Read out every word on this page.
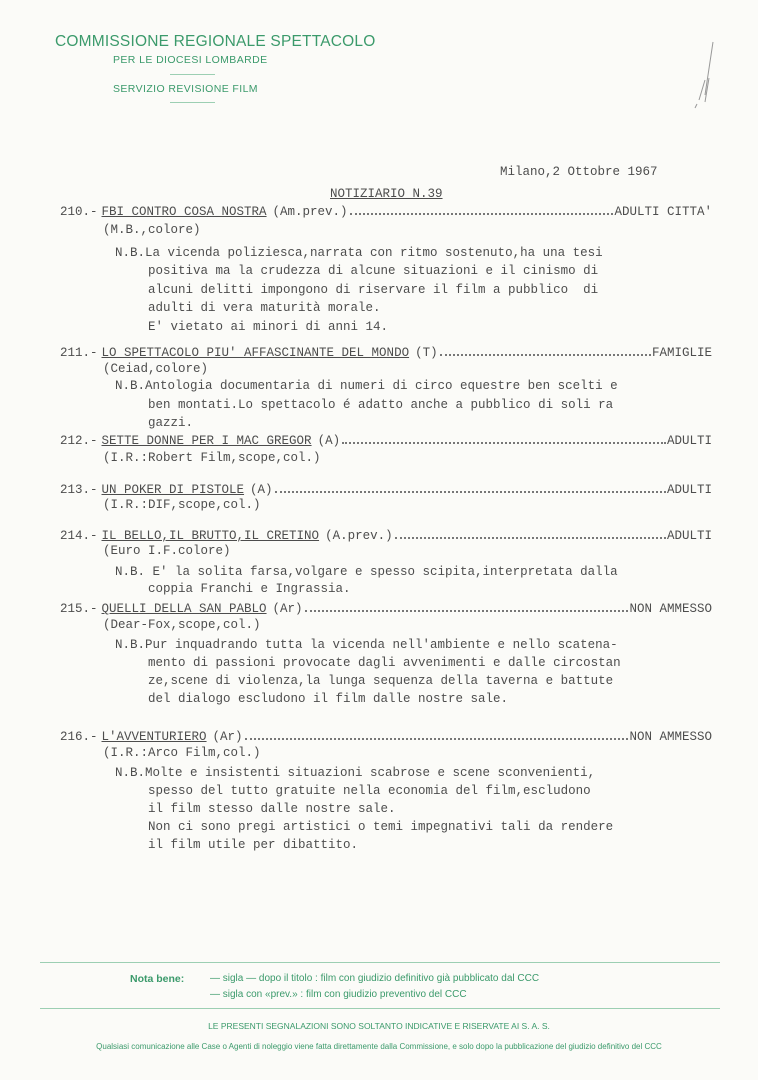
COMMISSIONE REGIONALE SPETTACOLO
PER LE DIOCESI LOMBARDE
SERVIZIO REVISIONE FILM
Milano,2 Ottobre 1967
NOTIZIARIO N.39
210.- FBI CONTRO COSA NOSTRA (Am.prev.)	ADULTI CITTA'
(M.B.,colore)
N.B.La vicenda poliziesca,narrata con ritmo sostenuto,ha una tesi
positiva ma la crudezza di alcune situazioni e il cinismo di
alcuni delitti impongono di riservare il film a pubblico  di
adulti di vera maturità morale.
E' vietato ai minori di anni 14.
211.- LO SPETTACOLO PIU' AFFASCINANTE DEL MONDO (T)	FAMIGLIE
(Ceiad,colore)
N.B.Antologia documentaria di numeri di circo equestre ben scelti e
ben montati.Lo spettacolo é adatto anche a pubblico di soli ra
gazzi.
212.- SETTE DONNE PER I MAC GREGOR (A)	ADULTI
(I.R.:Robert Film,scope,col.)
213.- UN POKER DI PISTOLE (A)	ADULTI
(I.R.:DIF,scope,col.)
214.- IL BELLO,IL BRUTTO,IL CRETINO (A.prev.)	ADULTI
(Euro I.F.colore)
N.B. E' la solita farsa,volgare e spesso scipita,interpretata dalla
coppia Franchi e Ingrassia.
215.- QUELLI DELLA SAN PABLO (Ar)	NON AMMESSO
(Dear-Fox,scope,col.)
N.B.Pur inquadrando tutta la vicenda nell'ambiente e nello scatena-
mento di passioni provocate dagli avvenimenti e dalle circostan
ze,scene di violenza,la lunga sequenza della taverna e battute
del dialogo escludono il film dalle nostre sale.
216.- L'AVVENTURIERO (Ar)	NON AMMESSO
(I.R.:Arco Film,col.)
N.B.Molte e insistenti situazioni scabrose e scene sconvenienti,
spesso del tutto gratuite nella economia del film,escludono
il film stesso dalle nostre sale.
Non ci sono pregi artistici o temi impegnativi tali da rendere
il film utile per dibattito.
Nota bene:	— sigla — dopo il titolo : film con giudizio definitivo già pubblicato dal CCC
— sigla con «prev.» : film con giudizio preventivo del CCC
LE PRESENTI SEGNALAZIONI SONO SOLTANTO INDICATIVE E RISERVATE AI S. A. S.
Qualsiasi comunicazione alle Case o Agenti di noleggio viene fatta direttamente dalla Commissione, e solo dopo la pubblicazione del giudizio definitivo del CCC
